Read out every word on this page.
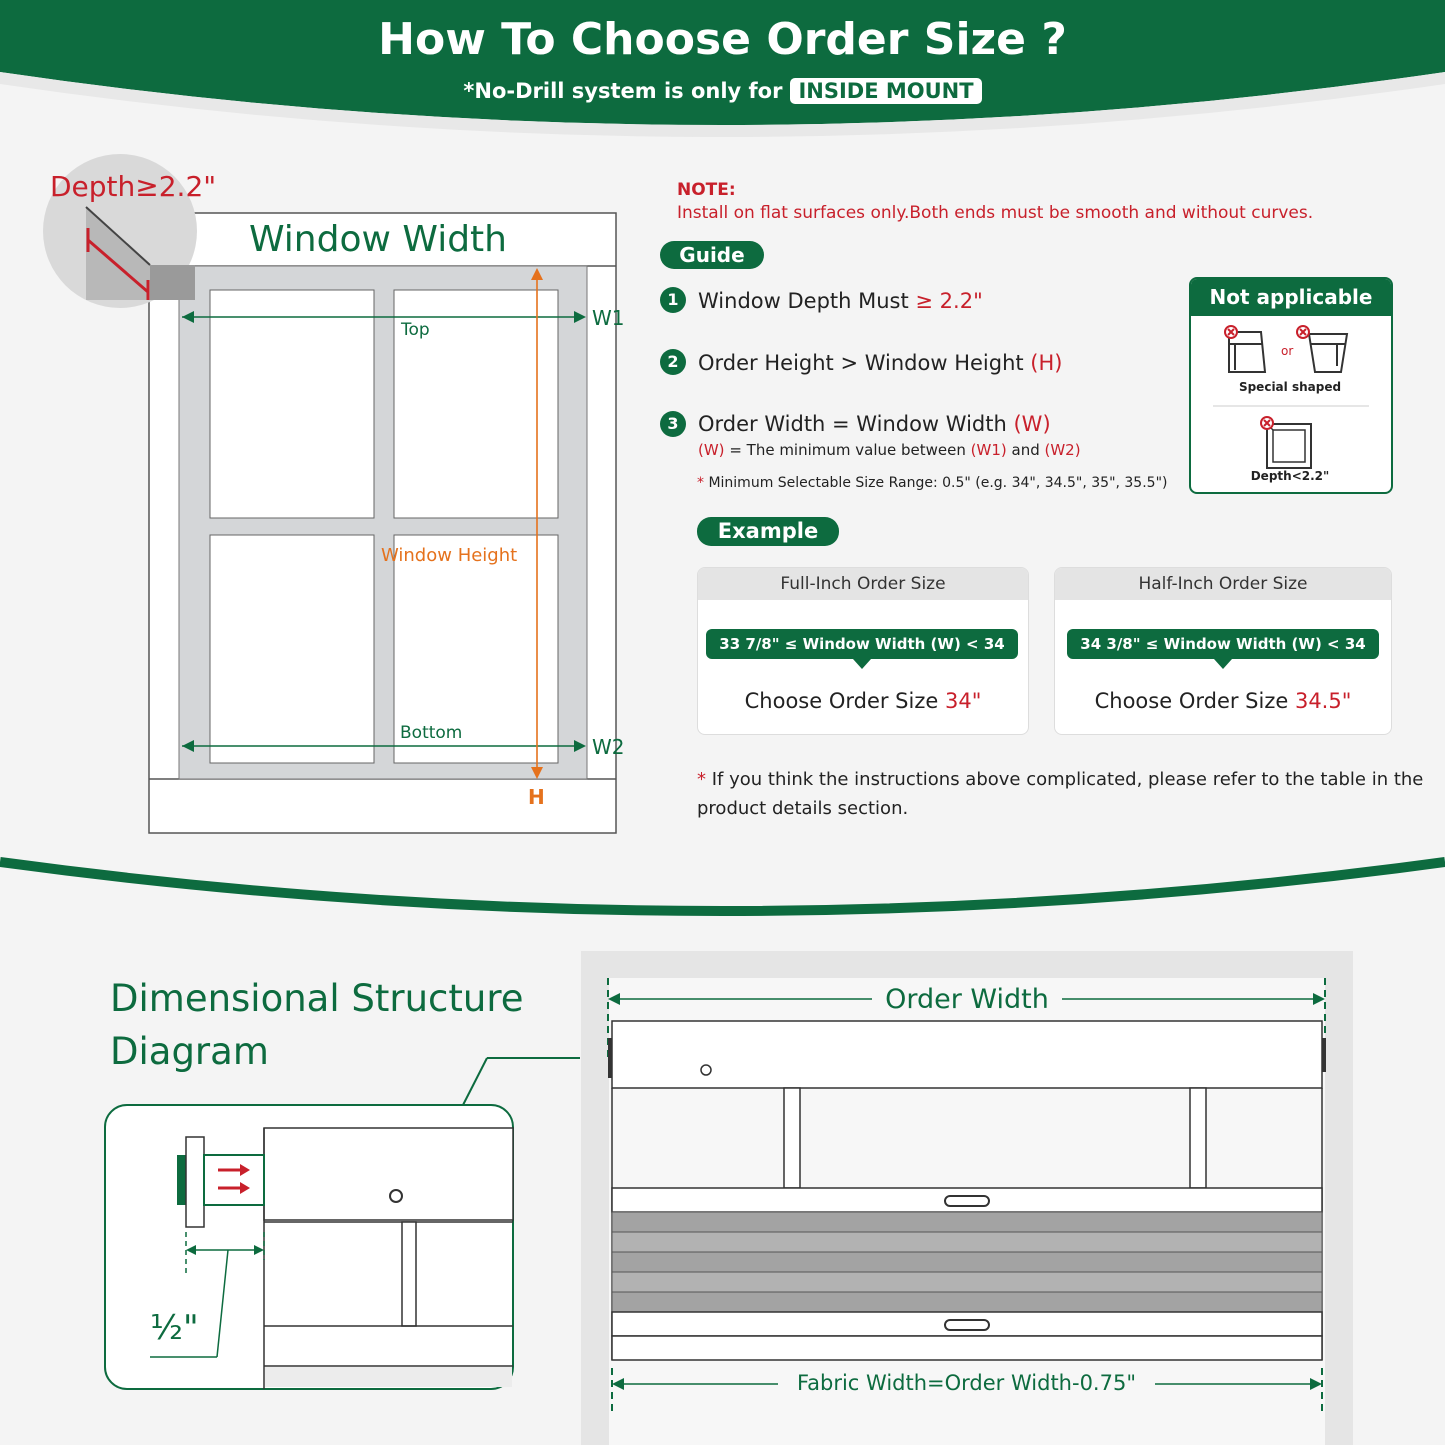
How To Choose Order Size ?
*No-Drill system is only for INSIDE MOUNT
Depth≥2.2"
Window Width
Top
Bottom
Window Height
W1
W2
H
NOTE:
Install on flat surfaces only.Both ends must be smooth and without curves.
Guide
1 Window Depth Must ≥ 2.2"
2 Order Height > Window Height (H)
3 Order Width = Window Width (W)
(W) = The minimum value between (W1) and (W2)
* Minimum Selectable Size Range: 0.5" (e.g. 34", 34.5", 35", 35.5")
Not applicable
or
Special shaped
Depth<2.2"
Example
Full-Inch Order Size
33 7/8" ≤ Window Width (W) < 34 3/8"
Choose Order Size 34"
Half-Inch Order Size
34 3/8" ≤ Window Width (W) < 34 7/8"
Choose Order Size 34.5"
* If you think the instructions above complicated, please refer to the table in the product details section.
Dimensional Structure
Diagram
½"
Order Width
Fabric Width=Order Width-0.75"
